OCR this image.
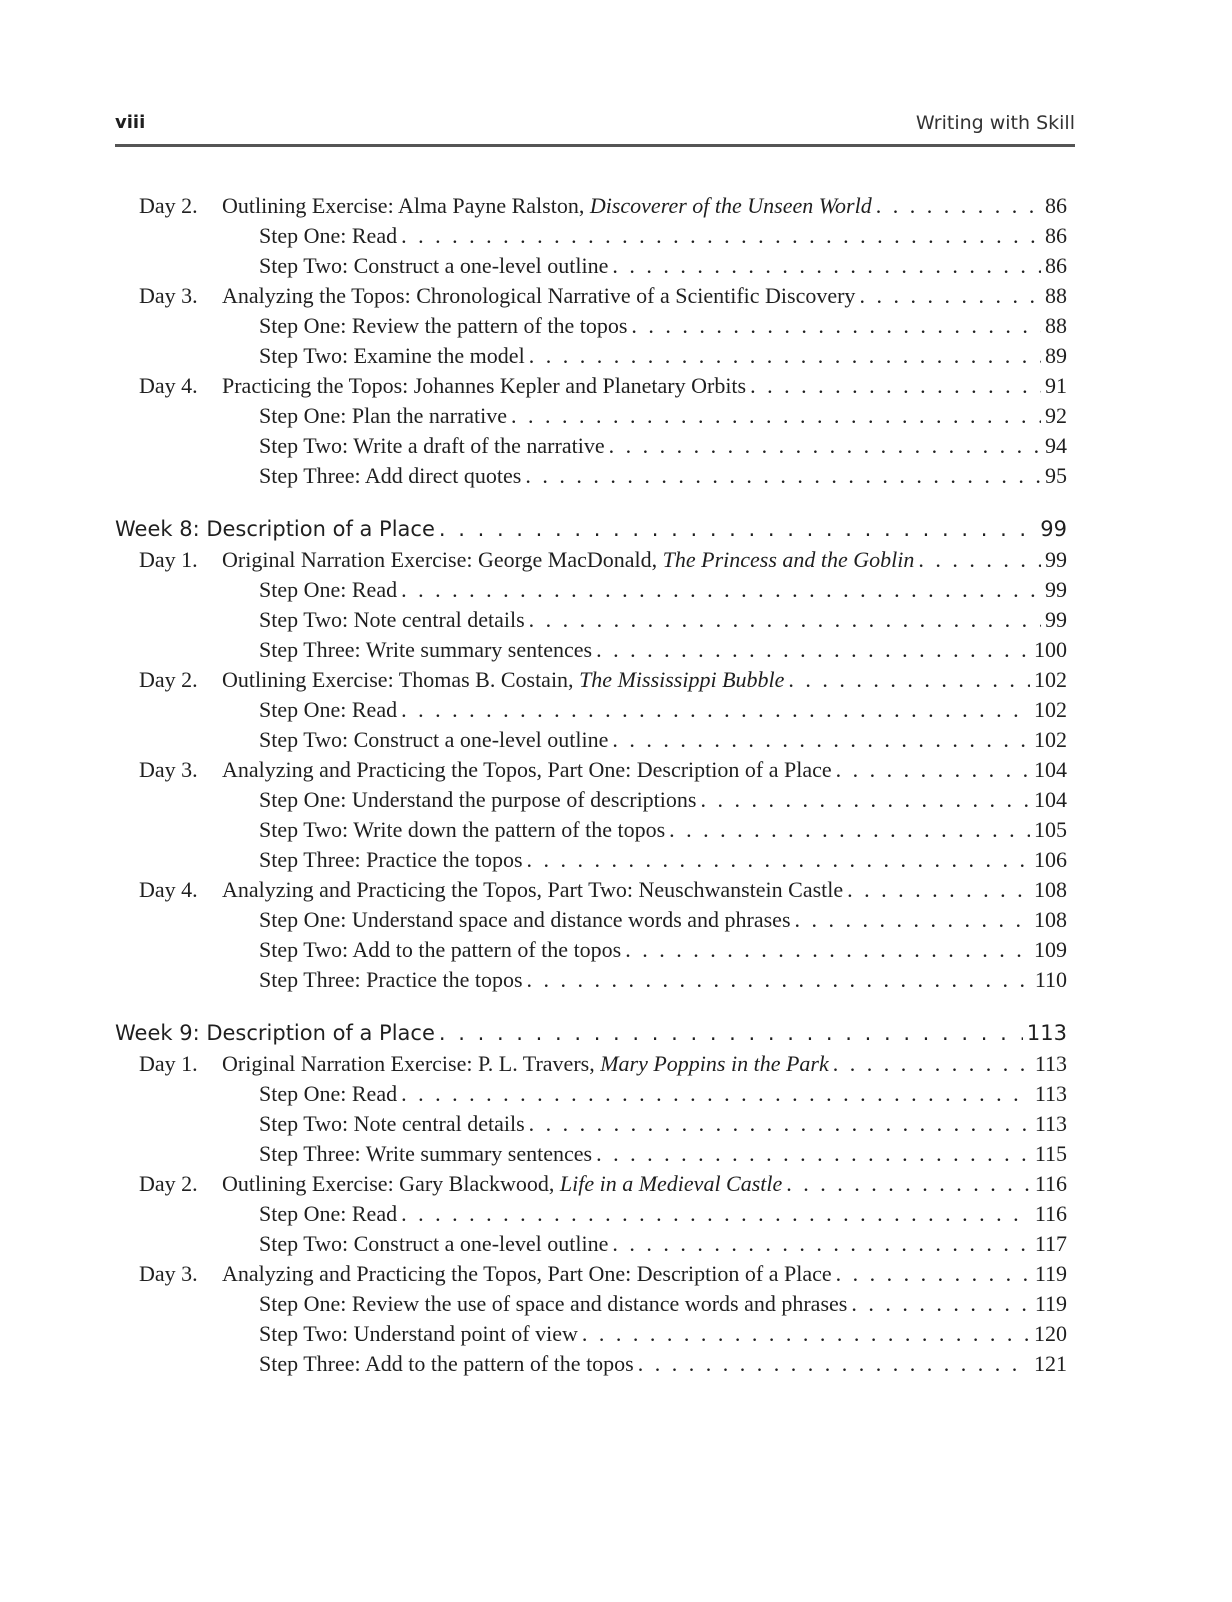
viii	Writing with Skill
Day 2.	Outlining Exercise: Alma Payne Ralston, Discoverer of the Unseen World . . .	86
Step One: Read . . .	86
Step Two: Construct a one-level outline . . .	86
Day 3.	Analyzing the Topos: Chronological Narrative of a Scientific Discovery . . .	88
Step One: Review the pattern of the topos . . .	88
Step Two: Examine the model . . .	89
Day 4.	Practicing the Topos: Johannes Kepler and Planetary Orbits . . .	91
Step One: Plan the narrative . . .	92
Step Two: Write a draft of the narrative . . .	94
Step Three: Add direct quotes . . .	95
Week 8: Description of a Place . . .	99
Day 1.	Original Narration Exercise: George MacDonald, The Princess and the Goblin . . .	99
Step One: Read . . .	99
Step Two: Note central details . . .	99
Step Three: Write summary sentences . . .	100
Day 2.	Outlining Exercise: Thomas B. Costain, The Mississippi Bubble . . .	102
Step One: Read . . .	102
Step Two: Construct a one-level outline . . .	102
Day 3.	Analyzing and Practicing the Topos, Part One: Description of a Place . . .	104
Step One: Understand the purpose of descriptions . . .	104
Step Two: Write down the pattern of the topos . . .	105
Step Three: Practice the topos . . .	106
Day 4.	Analyzing and Practicing the Topos, Part Two: Neuschwanstein Castle . . .	108
Step One: Understand space and distance words and phrases . . .	108
Step Two: Add to the pattern of the topos . . .	109
Step Three: Practice the topos . . .	110
Week 9: Description of a Place . . .	113
Day 1.	Original Narration Exercise: P. L. Travers, Mary Poppins in the Park . . .	113
Step One: Read . . .	113
Step Two: Note central details . . .	113
Step Three: Write summary sentences . . .	115
Day 2.	Outlining Exercise: Gary Blackwood, Life in a Medieval Castle . . .	116
Step One: Read . . .	116
Step Two: Construct a one-level outline . . .	117
Day 3.	Analyzing and Practicing the Topos, Part One: Description of a Place . . .	119
Step One: Review the use of space and distance words and phrases . . .	119
Step Two: Understand point of view . . .	120
Step Three: Add to the pattern of the topos . . .	121
